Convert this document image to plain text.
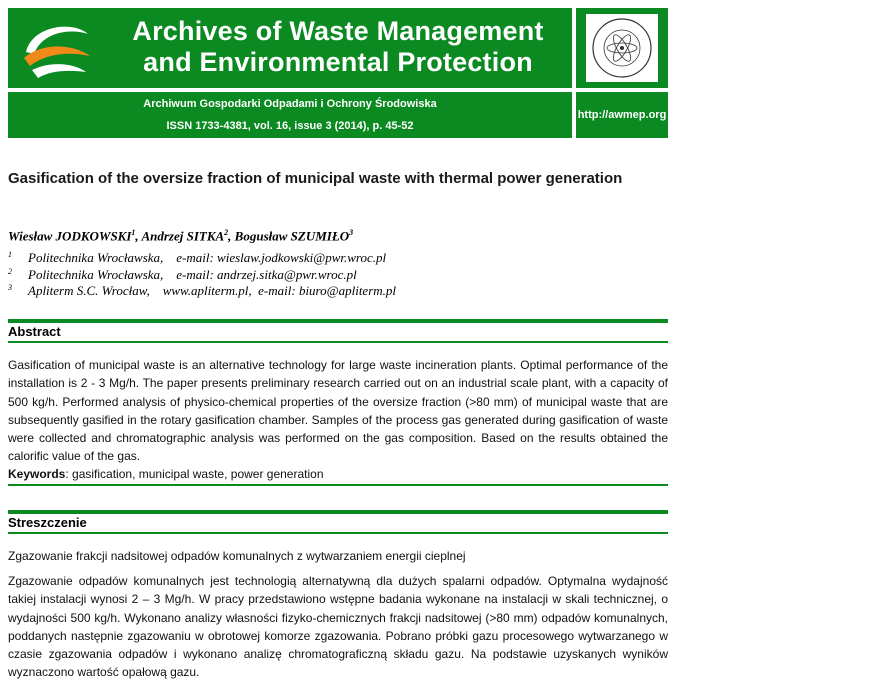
Archives of Waste Management
and Environmental Protection
Archiwum Gospodarki Odpadami i Ochrony Środowiska
ISSN 1733-4381, vol. 16, issue 3 (2014), p. 45-52
http://awmep.org
Gasification of the oversize fraction of municipal waste with thermal power generation
Wiesław JODKOWSKI$^1$, Andrzej SITKA$^2$, Bogusław SZUMIŁO$^3$
1 Politechnika Wrocławska,    e-mail: wieslaw.jodkowski@pwr.wroc.pl
2 Politechnika Wrocławska,    e-mail: andrzej.sitka@pwr.wroc.pl
3 Apliterm S.C. Wrocław,    www.apliterm.pl,  e-mail: biuro@apliterm.pl
Abstract
Gasification of municipal waste is an alternative technology for large waste incineration plants. Optimal performance of the installation is 2 - 3 Mg/h. The paper presents preliminary research carried out on an industrial scale plant, with a capacity of 500 kg/h. Performed analysis of physico-chemical properties of the oversize fraction (>80 mm) of municipal waste that are subsequently gasified in the rotary gasification chamber. Samples of the process gas generated during gasification of waste were collected and chromatographic analysis was performed on the gas composition. Based on the results obtained the calorific value of the gas.
Keywords: gasification, municipal waste, power generation
Streszczenie
Zgazowanie frakcji nadsitowej odpadów komunalnych z wytwarzaniem energii cieplnej
Zgazowanie odpadów komunalnych jest technologią alternatywną dla dużych spalarni odpadów. Optymalna wydajność takiej instalacji wynosi 2 – 3 Mg/h. W pracy przedstawiono wstępne badania wykonane na instalacji w skali technicznej, o wydajności 500 kg/h. Wykonano analizy własności fizyko-chemicznych frakcji nadsitowej (>80 mm) odpadów komunalnych, poddanych następnie zgazowaniu w obrotowej komorze zgazowania. Pobrano próbki gazu procesowego wytwarzanego w czasie zgazowania odpadów i wykonano analizę chromatograficzną składu gazu. Na podstawie uzyskanych wyników wyznaczono wartość opałową gazu.
